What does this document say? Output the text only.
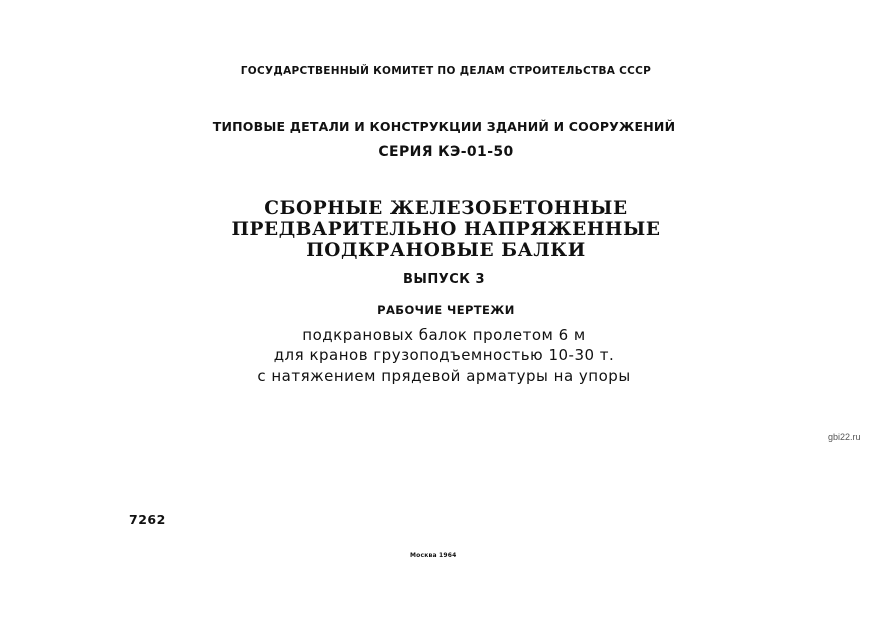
ГОСУДАРСТВЕННЫЙ КОМИТЕТ ПО ДЕЛАМ СТРОИТЕЛЬСТВА СССР
ТИПОВЫЕ ДЕТАЛИ И КОНСТРУКЦИИ ЗДАНИЙ И СООРУЖЕНИЙ
СЕРИЯ КЭ-01-50
СБОРНЫЕ ЖЕЛЕЗОБЕТОННЫЕ
ПРЕДВАРИТЕЛЬНО НАПРЯЖЕННЫЕ
ПОДКРАНОВЫЕ БАЛКИ
ВЫПУСК 3
РАБОЧИЕ ЧЕРТЕЖИ
подкрановых балок пролетом 6 м
для кранов грузоподъемностью 10-30 т.
с натяжением прядевой арматуры на упоры
gbi22.ru
7262
Москва 1964
